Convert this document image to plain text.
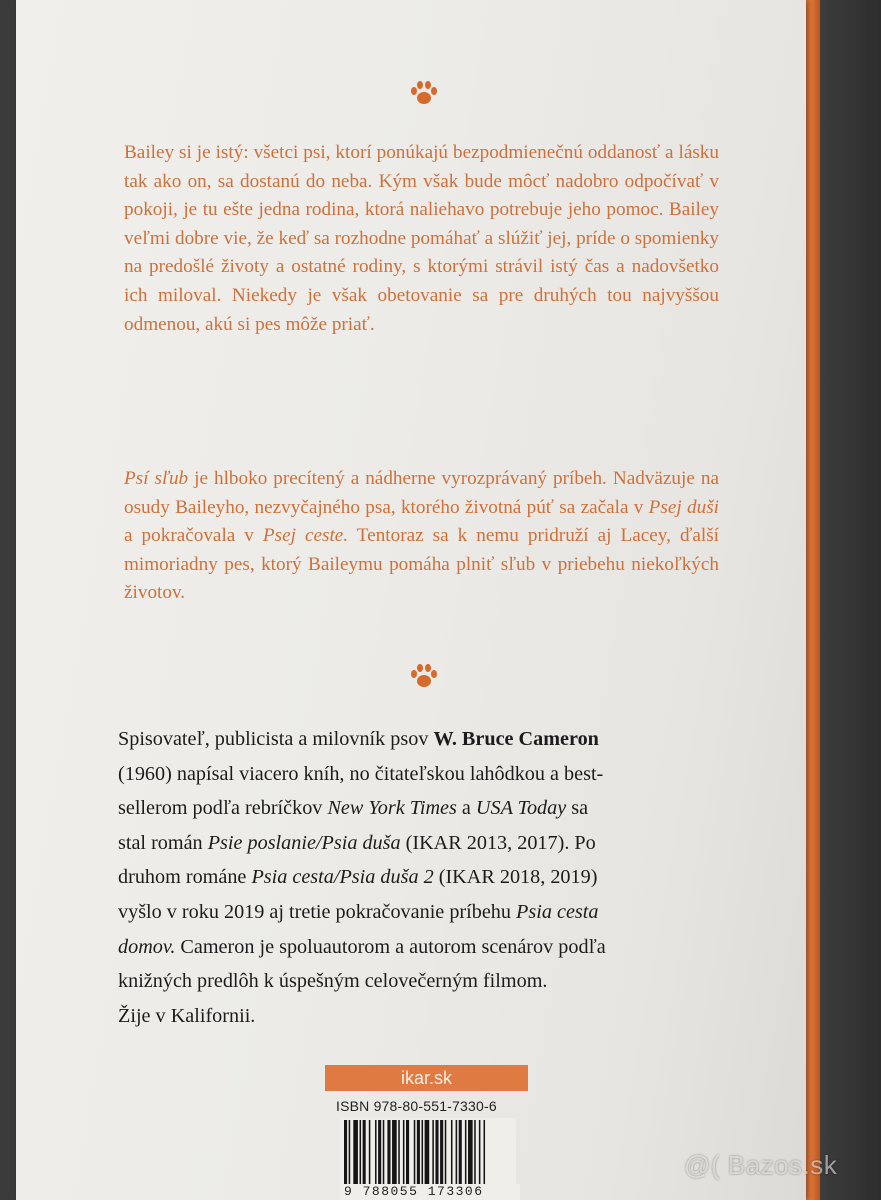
Bailey si je istý: všetci psi, ktorí ponúkajú bezpodmienečnú oddanosť a lásku tak ako on, sa dostanú do neba. Kým však bude môcť nadobro odpočívať v pokoji, je tu ešte jedna rodina, ktorá naliehavo potrebuje jeho pomoc. Bailey veľmi dobre vie, že keď sa rozhodne pomáhať a slúžiť jej, príde o spomienky na predošlé životy a ostatné rodiny, s ktorými strávil istý čas a nadovšetko ich miloval. Niekedy je však obetovanie sa pre druhých tou najvyššou odmenou, akú si pes môže priať.

Psí sľub je hlboko precítený a nádherne vyrozprávaný príbeh. Nadväzuje na osudy Baileyho, nezvyčajného psa, ktorého životná púť sa začala v Psej duši a pokračovala v Psej ceste. Tentoraz sa k nemu pridruží aj Lacey, ďalší mimoriadny pes, ktorý Baileymu pomáha plniť sľub v priebehu niekoľkých životov.

Spisovateľ, publicista a milovník psov W. Bruce Cameron
(1960) napísal viacero kníh, no čitateľskou lahôdkou a best-
sellerom podľa rebríčkov New York Times a USA Today sa
stal román Psie poslanie/Psia duša (IKAR 2013, 2017). Po
druhom románe Psia cesta/Psia duša 2 (IKAR 2018, 2019)
vyšlo v roku 2019 aj tretie pokračovanie príbehu Psia cesta
domov. Cameron je spoluautorom a autorom scenárov podľa
knižných predlôh k úspešným celovečerným filmom.
Žije v Kalifornii.
ikar.sk
ISBN 978-80-551-7330-6
9 788055 173306
@( Bazos.sk
